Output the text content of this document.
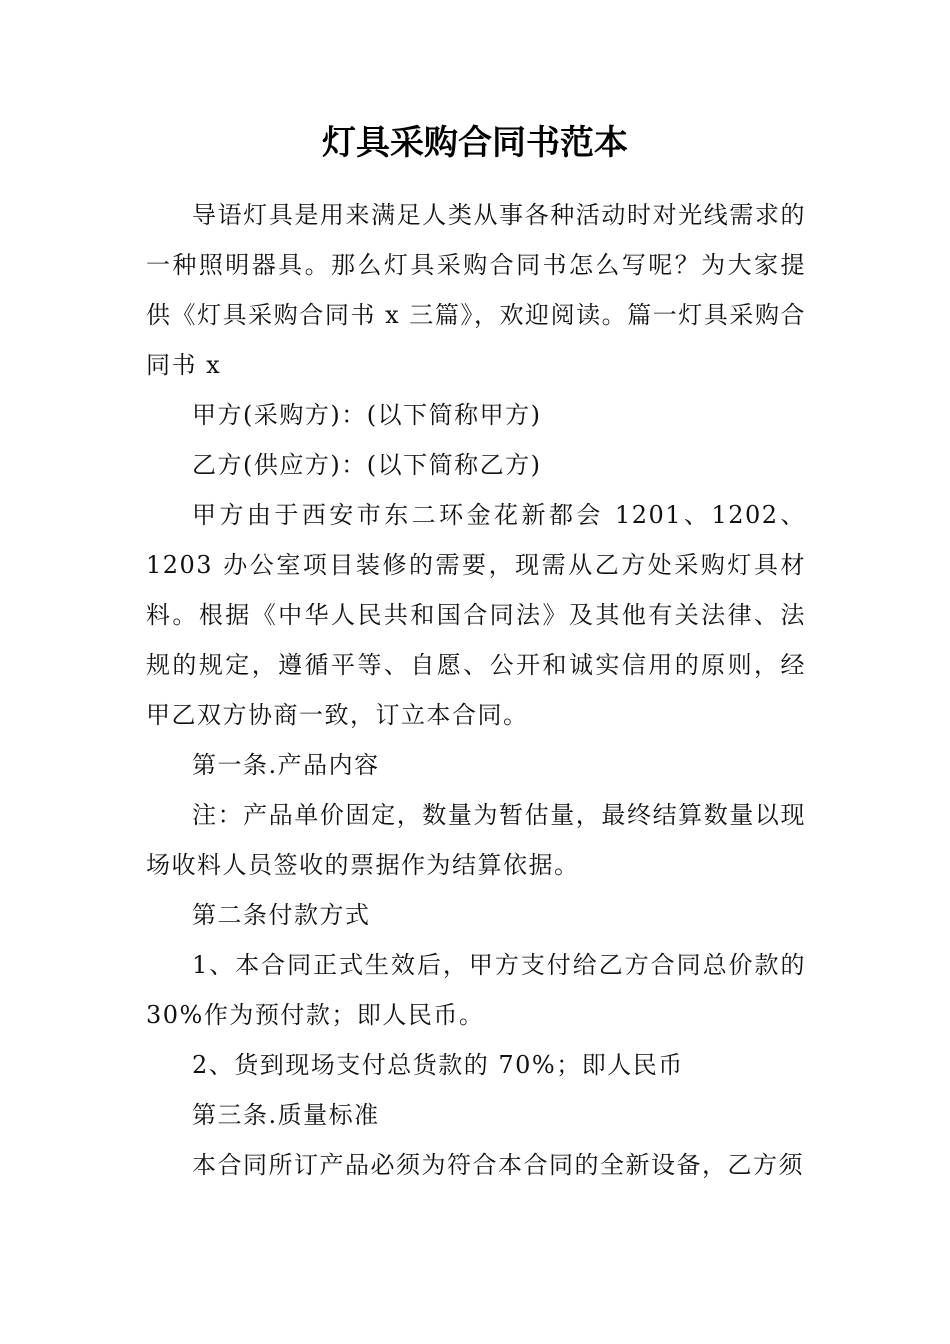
灯具采购合同书范本

导语灯具是用来满足人类从事各种活动时对光线需求的一种照明器具。那么灯具采购合同书怎么写呢？为大家提供《灯具采购合同书 x 三篇》，欢迎阅读。篇一灯具采购合同书 x

甲方(采购方)：(以下简称甲方)

乙方(供应方)：(以下简称乙方)

甲方由于西安市东二环金花新都会 1201、1202、1203 办公室项目装修的需要，现需从乙方处采购灯具材料。根据《中华人民共和国合同法》及其他有关法律、法规的规定，遵循平等、自愿、公开和诚实信用的原则，经甲乙双方协商一致，订立本合同。

第一条.产品内容

注：产品单价固定，数量为暂估量，最终结算数量以现场收料人员签收的票据作为结算依据。

第二条付款方式

1、本合同正式生效后，甲方支付给乙方合同总价款的 30%作为预付款；即人民币。

2、货到现场支付总货款的 70%；即人民币

第三条.质量标准

本合同所订产品必须为符合本合同的全新设备，乙方须
